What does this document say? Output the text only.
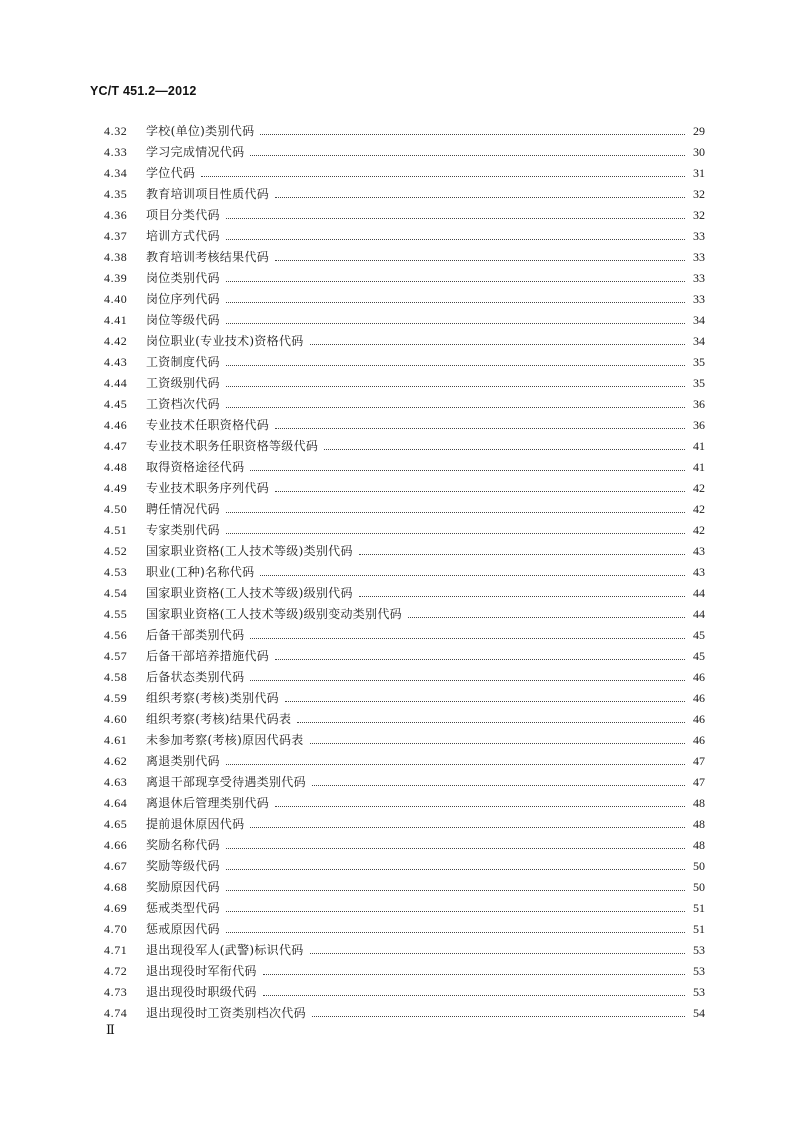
YC/T 451.2—2012
4.32	学校(单位)类别代码	29
4.33	学习完成情况代码	30
4.34	学位代码	31
4.35	教育培训项目性质代码	32
4.36	项目分类代码	32
4.37	培训方式代码	33
4.38	教育培训考核结果代码	33
4.39	岗位类别代码	33
4.40	岗位序列代码	33
4.41	岗位等级代码	34
4.42	岗位职业(专业技术)资格代码	34
4.43	工资制度代码	35
4.44	工资级别代码	35
4.45	工资档次代码	36
4.46	专业技术任职资格代码	36
4.47	专业技术职务任职资格等级代码	41
4.48	取得资格途径代码	41
4.49	专业技术职务序列代码	42
4.50	聘任情况代码	42
4.51	专家类别代码	42
4.52	国家职业资格(工人技术等级)类别代码	43
4.53	职业(工种)名称代码	43
4.54	国家职业资格(工人技术等级)级别代码	44
4.55	国家职业资格(工人技术等级)级别变动类别代码	44
4.56	后备干部类别代码	45
4.57	后备干部培养措施代码	45
4.58	后备状态类别代码	46
4.59	组织考察(考核)类别代码	46
4.60	组织考察(考核)结果代码表	46
4.61	未参加考察(考核)原因代码表	46
4.62	离退类别代码	47
4.63	离退干部现享受待遇类别代码	47
4.64	离退休后管理类别代码	48
4.65	提前退休原因代码	48
4.66	奖励名称代码	48
4.67	奖励等级代码	50
4.68	奖励原因代码	50
4.69	惩戒类型代码	51
4.70	惩戒原因代码	51
4.71	退出现役军人(武警)标识代码	53
4.72	退出现役时军衔代码	53
4.73	退出现役时职级代码	53
4.74	退出现役时工资类别档次代码	54
Ⅱ
